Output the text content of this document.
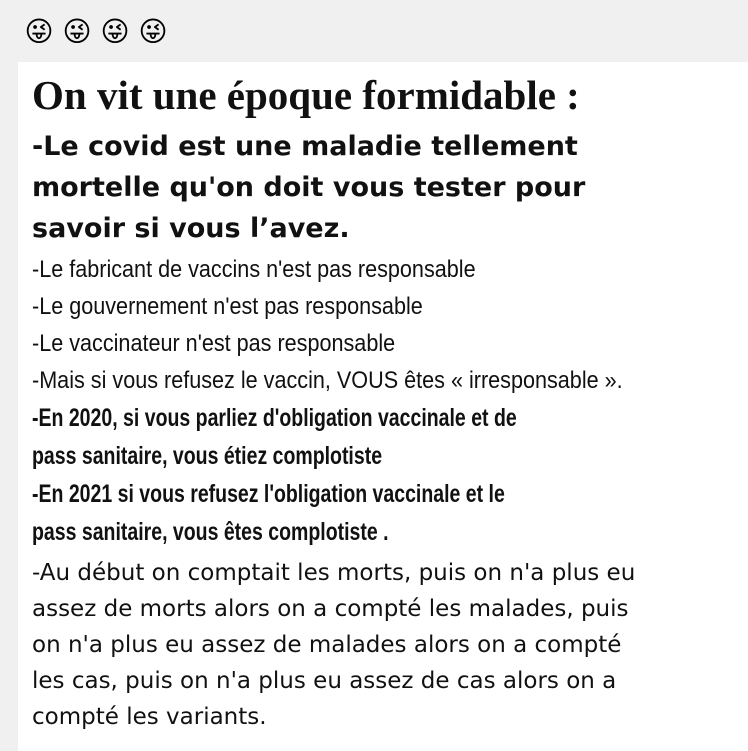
😜 😜 😜 😜

On vit une époque formidable :

-Le covid est une maladie tellement

mortelle qu'on doit vous tester pour

savoir si vous l’avez.

-Le fabricant de vaccins n'est pas responsable

-Le gouvernement n'est pas responsable

-Le vaccinateur n'est pas responsable

-Mais si vous refusez le vaccin, VOUS êtes « irresponsable ».

-En 2020, si vous parliez d'obligation vaccinale et de

pass sanitaire, vous étiez complotiste

-En 2021 si vous refusez l'obligation vaccinale et le

pass sanitaire, vous êtes complotiste .

-Au début on comptait les morts, puis on n'a plus eu

assez de morts alors on a compté les malades, puis

on n'a plus eu assez de malades alors on a compté

les cas, puis on n'a plus eu assez de cas alors on a

compté les variants.
